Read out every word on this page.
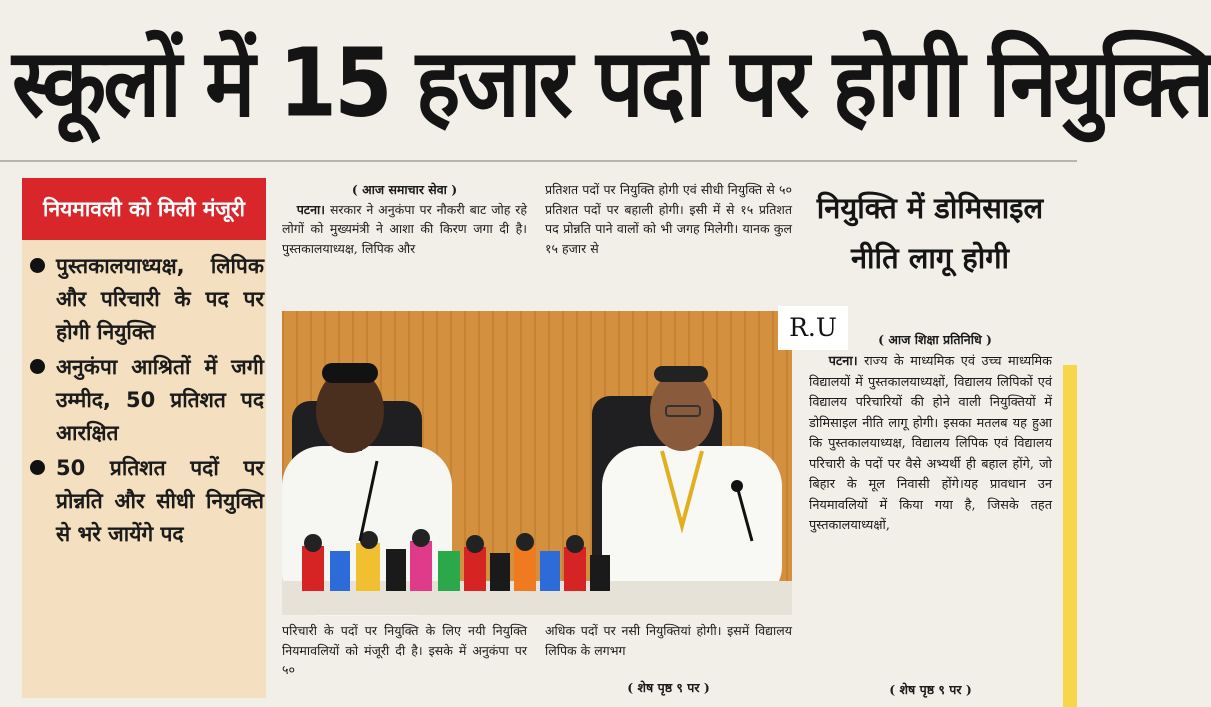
स्कूलों में 15 हजार पदों पर होगी नियुक्ति
नियमावली को मिली मंजूरी
पुस्तकालयाध्यक्ष, लिपिक और परिचारी के पद पर होगी नियुक्ति
अनुकंपा आश्रितों में जगी उम्मीद, 50 प्रतिशत पद आरक्षित
50 प्रतिशत पदों पर प्रोन्नति और सीधी नियुक्ति से भरे जायेंगे पद
( आज समाचार सेवा )
पटना। सरकार ने अनुकंपा पर नौकरी बाट जोह रहे लोगों को मुख्यमंत्री ने आशा की किरण जगा दी है। पुस्तकालयाध्यक्ष, लिपिक और
प्रतिशत पदों पर नियुक्ति होगी एवं सीधी नियुक्ति से ५० प्रतिशत पदों पर बहाली होगी। इसी में से १५ प्रतिशत पद प्रोन्नति पाने वालों को भी जगह मिलेगी। यानक कुल १५ हजार से
परिचारी के पदों पर नियुक्ति के लिए नयी नियुक्ति नियमावलियों को मंजूरी दी है। इसके में अनुकंपा पर ५०
अधिक पदों पर नसी नियुक्तियां होगी। इसमें विद्यालय लिपिक के लगभग
( शेष पृष्ठ ९ पर )
नियुक्ति में डोमिसाइल नीति लागू होगी
R.U	( आज शिक्षा प्रतिनिधि )
पटना। राज्य के माध्यमिक एवं उच्च माध्यमिक विद्यालयों में पुस्तकालयाध्यक्षों, विद्यालय लिपिकों एवं विद्यालय परिचारियों की होने वाली नियुक्तियों में डोमिसाइल नीति लागू होगी। इसका मतलब यह हुआ कि पुस्तकालयाध्यक्ष, विद्यालय लिपिक एवं विद्यालय परिचारी के पदों पर वैसे अभ्यर्थी ही बहाल होंगे, जो बिहार के मूल निवासी होंगे।यह प्रावधान उन नियमावलियों में किया गया है, जिसके तहत पुस्तकालयाध्यक्षों,
( शेष पृष्ठ ९ पर )
